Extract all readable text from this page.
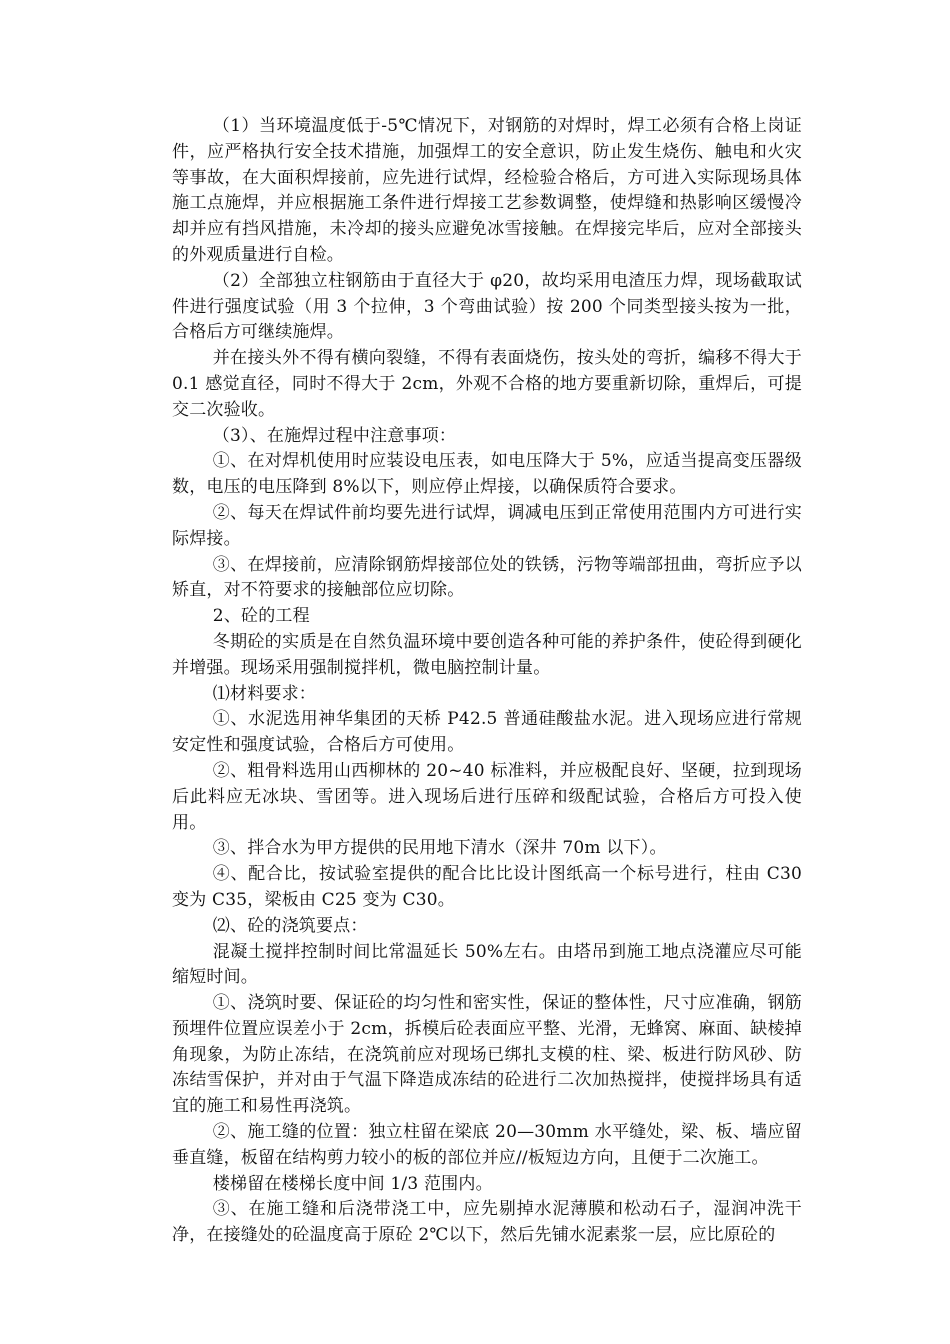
（1）当环境温度低于-5℃情况下，对钢筋的对焊时，焊工必须有合格上岗证件，应严格执行安全技术措施，加强焊工的安全意识，防止发生烧伤、触电和火灾等事故，在大面积焊接前，应先进行试焊，经检验合格后，方可进入实际现场具体施工点施焊，并应根据施工条件进行焊接工艺参数调整，使焊缝和热影响区缓慢冷却并应有挡风措施，未冷却的接头应避免冰雪接触。在焊接完毕后，应对全部接头的外观质量进行自检。

（2）全部独立柱钢筋由于直径大于 φ20，故均采用电渣压力焊，现场截取试件进行强度试验（用 3 个拉伸，3 个弯曲试验）按 200 个同类型接头按为一批，合格后方可继续施焊。

并在接头外不得有横向裂缝，不得有表面烧伤，按头处的弯折，编移不得大于 0.1 感觉直径，同时不得大于 2cm，外观不合格的地方要重新切除，重焊后，可提交二次验收。

（3）、在施焊过程中注意事项：

①、在对焊机使用时应装设电压表，如电压降大于 5%，应适当提高变压器级数，电压的电压降到 8%以下，则应停止焊接，以确保质符合要求。

②、每天在焊试件前均要先进行试焊，调减电压到正常使用范围内方可进行实际焊接。

③、在焊接前，应清除钢筋焊接部位处的铁锈，污物等端部扭曲，弯折应予以矫直，对不符要求的接触部位应切除。

2、砼的工程

冬期砼的实质是在自然负温环境中要创造各种可能的养护条件，使砼得到硬化并增强。现场采用强制搅拌机，微电脑控制计量。

⑴材料要求：

①、水泥选用神华集团的天桥 P42.5 普通硅酸盐水泥。进入现场应进行常规安定性和强度试验，合格后方可使用。

②、粗骨料选用山西柳林的 20~40 标准料，并应极配良好、坚硬，拉到现场后此料应无冰块、雪团等。进入现场后进行压碎和级配试验，合格后方可投入使用。

③、拌合水为甲方提供的民用地下清水（深井 70m 以下）。

④、配合比，按试验室提供的配合比比设计图纸高一个标号进行，柱由 C30 变为 C35，梁板由 C25 变为 C30。

⑵、砼的浇筑要点：

混凝土搅拌控制时间比常温延长 50%左右。由塔吊到施工地点浇灌应尽可能缩短时间。

①、浇筑时要、保证砼的均匀性和密实性，保证的整体性，尺寸应准确，钢筋预埋件位置应误差小于 2cm，拆模后砼表面应平整、光滑，无蜂窝、麻面、缺棱掉角现象，为防止冻结，在浇筑前应对现场已绑扎支模的柱、梁、板进行防风砂、防冻结雪保护，并对由于气温下降造成冻结的砼进行二次加热搅拌，使搅拌场具有适宜的施工和易性再浇筑。

②、施工缝的位置：独立柱留在梁底 20—30mm 水平缝处，梁、板、墙应留垂直缝，板留在结构剪力较小的板的部位并应//板短边方向，且便于二次施工。

楼梯留在楼梯长度中间 1/3 范围内。

③、在施工缝和后浇带浇工中，应先剔掉水泥薄膜和松动石子，湿润冲洗干净，在接缝处的砼温度高于原砼 2℃以下，然后先铺水泥素浆一层，应比原砼的
